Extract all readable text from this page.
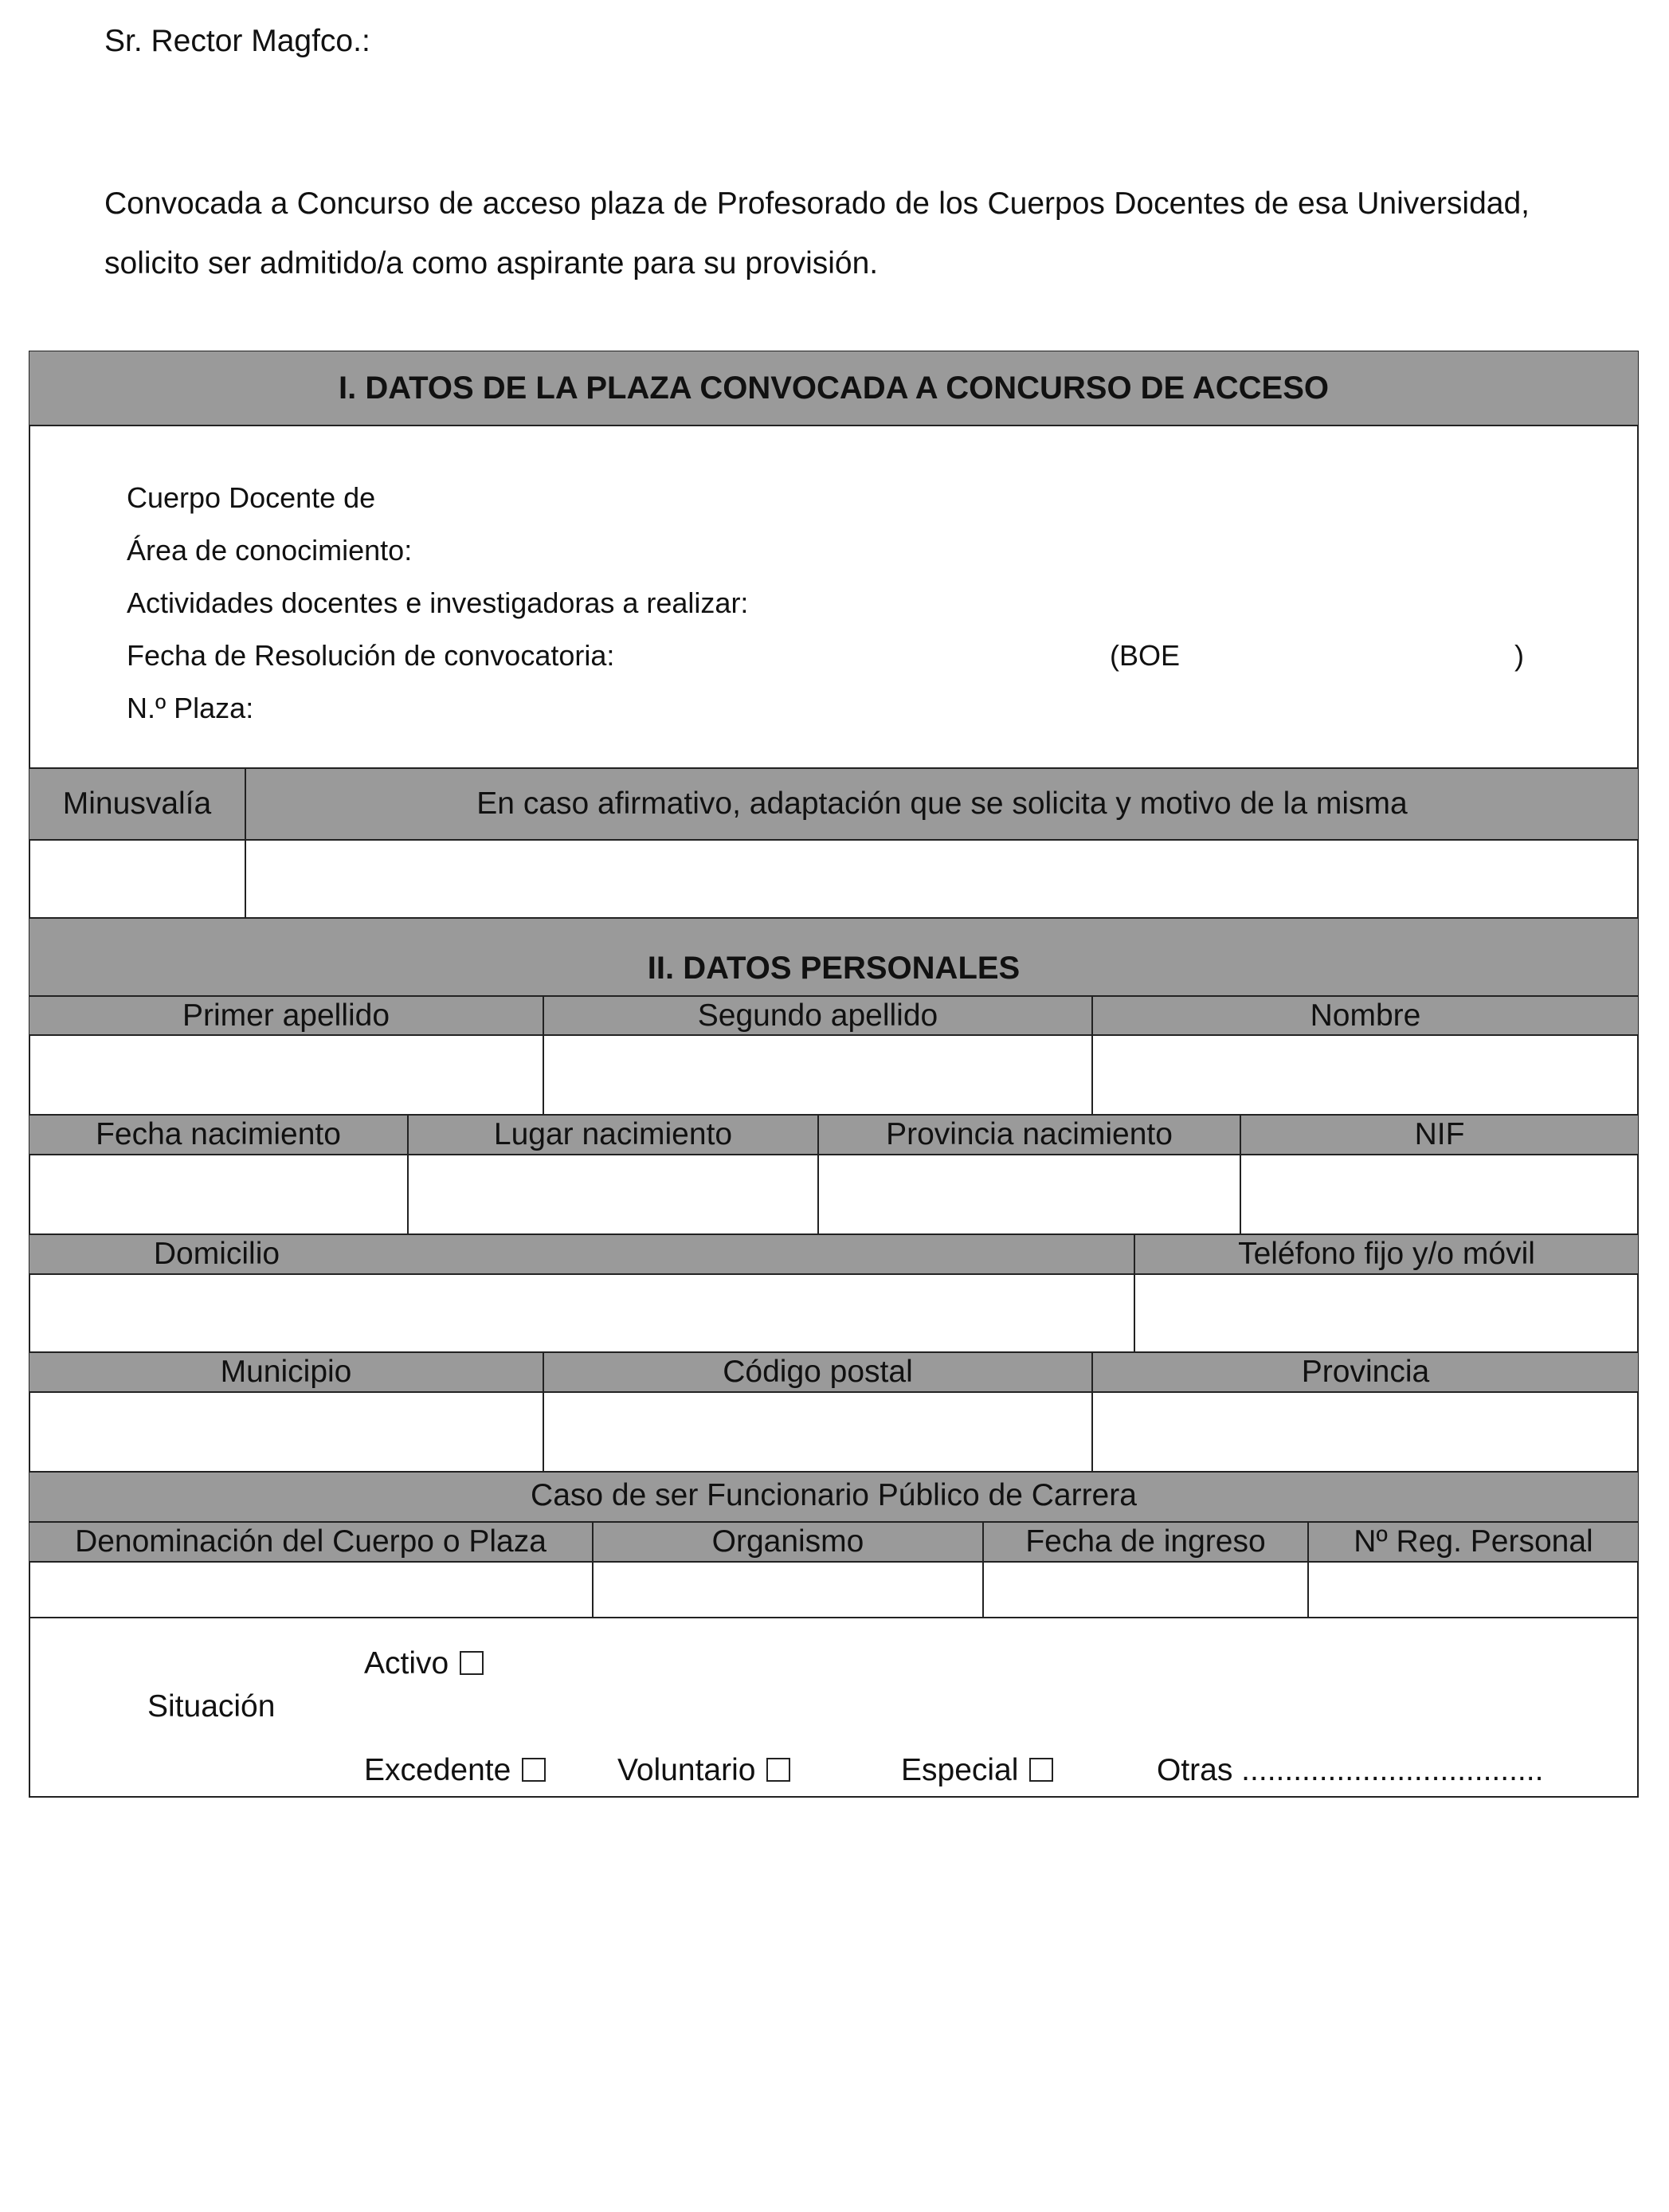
Sr. Rector Magfco.:
Convocada a Concurso de acceso plaza de Profesorado de los Cuerpos Docentes de esa Universidad, solicito ser admitido/a como aspirante para su provisión.
I. DATOS DE LA PLAZA CONVOCADA A CONCURSO DE ACCESO
Cuerpo Docente de
Área de conocimiento:
Actividades docentes e investigadoras a realizar:
Fecha de Resolución de convocatoria:	(BOE	)
N.º Plaza:
Minusvalía	En caso afirmativo, adaptación que se solicita y motivo de la misma
II. DATOS PERSONALES
Primer apellido	Segundo apellido	Nombre
Fecha nacimiento	Lugar nacimiento	Provincia nacimiento	NIF
Domicilio	Teléfono fijo y/o móvil
Municipio	Código postal	Provincia
Caso de ser Funcionario Público de Carrera
Denominación del Cuerpo o Plaza	Organismo	Fecha de ingreso	Nº Reg. Personal
Situación
Activo
Excedente	Voluntario	Especial	Otras ...................................
